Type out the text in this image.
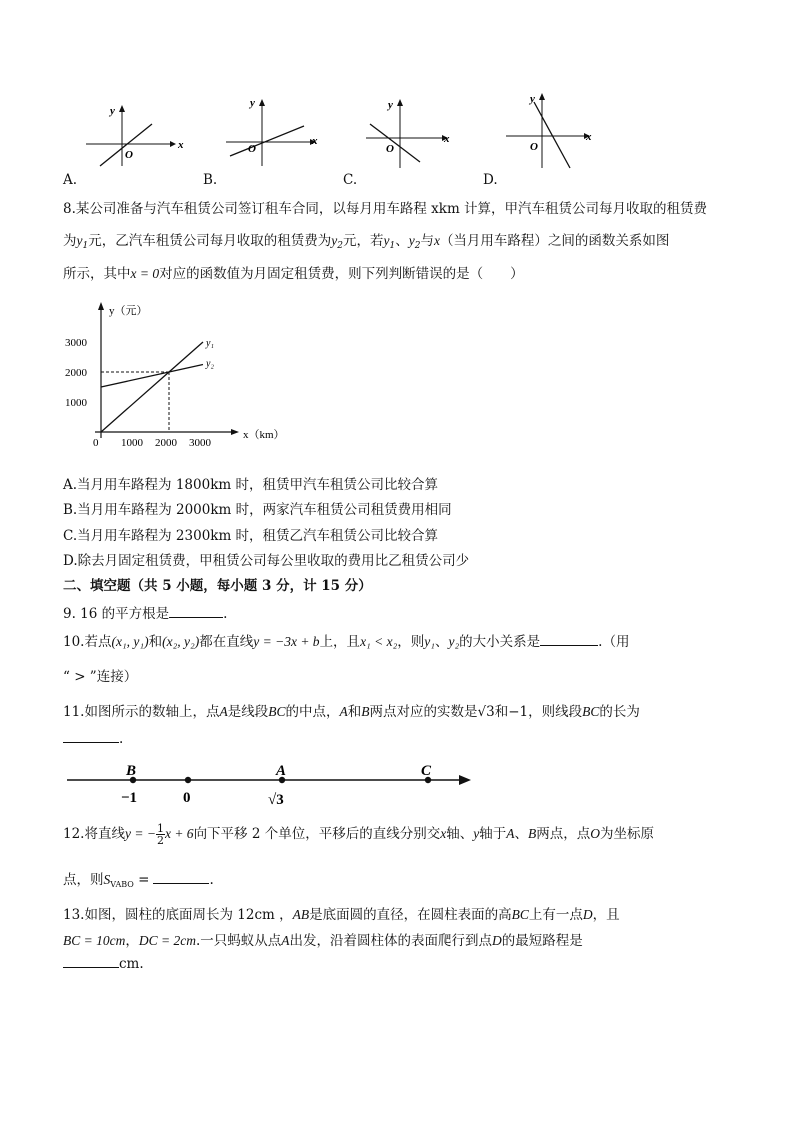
x
y
O
x
y
O
x
y
O
x
y
O
A.	B.	C.	D.
8.某公司准备与汽车租赁公司签订租车合同，以每月用车路程 xkm 计算，甲汽车租赁公司每月收取的租赁费
为$y_1$元，乙汽车租赁公司每月收取的租赁费为$y_2$元，若$y_1$、$y_2$与x（当月用车路程）之间的函数关系如图
所示，其中x = 0对应的函数值为月固定租赁费，则下列判断错误的是（　　）
y（元）
x（km）
0
1000
2000
3000
1000 2000 3000
y₁
y₂
A.当月用车路程为 1800km 时，租赁甲汽车租赁公司比较合算
B.当月用车路程为 2000km 时，两家汽车租赁公司租赁费用相同
C.当月用车路程为 2300km 时，租赁乙汽车租赁公司比较合算
D.除去月固定租赁费，甲租赁公司每公里收取的费用比乙租赁公司少
二、填空题（共 5 小题，每小题 3 分，计 15 分）
9. 16 的平方根是	.
10.若点(x₁, y₁)和(x₂, y₂)都在直线y = −3x + b上，且x₁ < x₂，则y₁、y₂的大小关系是	.（用
“ > ”连接）
11.如图所示的数轴上，点A是线段BC的中点，A和B两点对应的实数是√3和−1，则线段BC的长为
.
B	A	C
−1	0	√3
12.将直线y = − $\frac{1}{2}$ x + 6向下平移 2 个单位，平移后的直线分别交x轴、y轴于A、B两点，点O为坐标原
点，则$S_{VABO}$ =	.
13.如图，圆柱的底面周长为 12cm ，AB是底面圆的直径，在圆柱表面的高BC上有一点D，且
BC = 10cm，DC = 2cm.一只蚂蚁从点A出发，沿着圆柱体的表面爬行到点D的最短路程是
cm.
